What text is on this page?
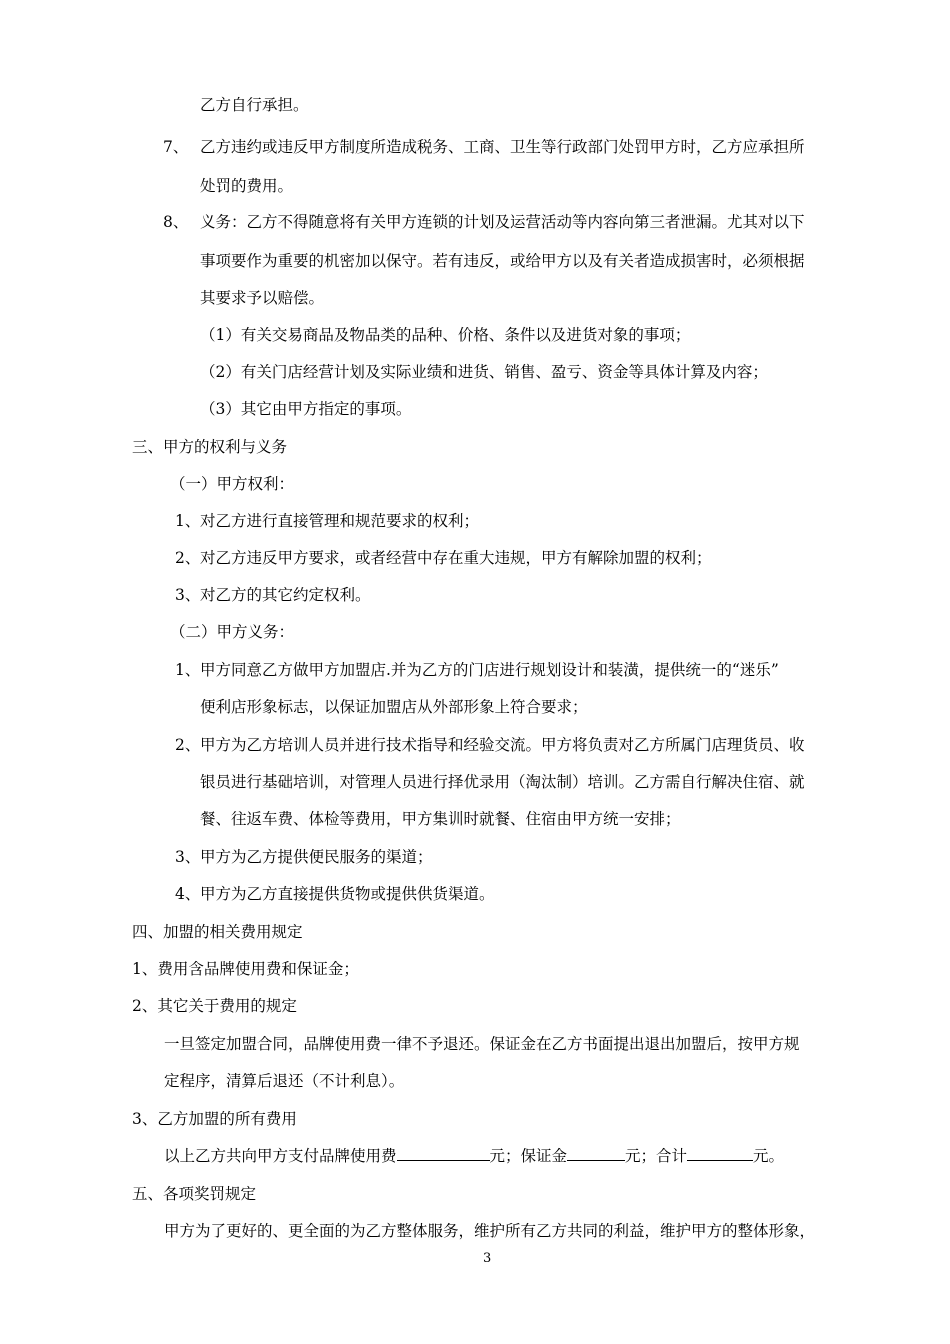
乙方自行承担。
7、 乙方违约或违反甲方制度所造成税务、工商、卫生等行政部门处罚甲方时，乙方应承担所
处罚的费用。
8、 义务：乙方不得随意将有关甲方连锁的计划及运营活动等内容向第三者泄漏。尤其对以下
事项要作为重要的机密加以保守。若有违反，或给甲方以及有关者造成损害时，必须根据
其要求予以赔偿。
（1）有关交易商品及物品类的品种、价格、条件以及进货对象的事项；
（2）有关门店经营计划及实际业绩和进货、销售、盈亏、资金等具体计算及内容；
（3）其它由甲方指定的事项。
三、甲方的权利与义务
（一）甲方权利：
1、 对乙方进行直接管理和规范要求的权利；
2、 对乙方违反甲方要求，或者经营中存在重大违规，甲方有解除加盟的权利；
3、 对乙方的其它约定权利。
（二）甲方义务：
1、 甲方同意乙方做甲方加盟店.并为乙方的门店进行规划设计和装潢，提供统一的“迷乐”
便利店形象标志，以保证加盟店从外部形象上符合要求；
2、 甲方为乙方培训人员并进行技术指导和经验交流。甲方将负责对乙方所属门店理货员、收
银员进行基础培训，对管理人员进行择优录用（淘汰制）培训。乙方需自行解决住宿、就
餐、往返车费、体检等费用，甲方集训时就餐、住宿由甲方统一安排；
3、 甲方为乙方提供便民服务的渠道；
4、 甲方为乙方直接提供货物或提供供货渠道。
四、加盟的相关费用规定
1、费用含品牌使用费和保证金；
2、其它关于费用的规定
一旦签定加盟合同，品牌使用费一律不予退还。保证金在乙方书面提出退出加盟后，按甲方规
定程序，清算后退还（不计利息）。
3、乙方加盟的所有费用
以上乙方共向甲方支付品牌使用费	元；保证金	元；合计	元。
五、各项奖罚规定
甲方为了更好的、更全面的为乙方整体服务，维护所有乙方共同的利益，维护甲方的整体形象，
3
